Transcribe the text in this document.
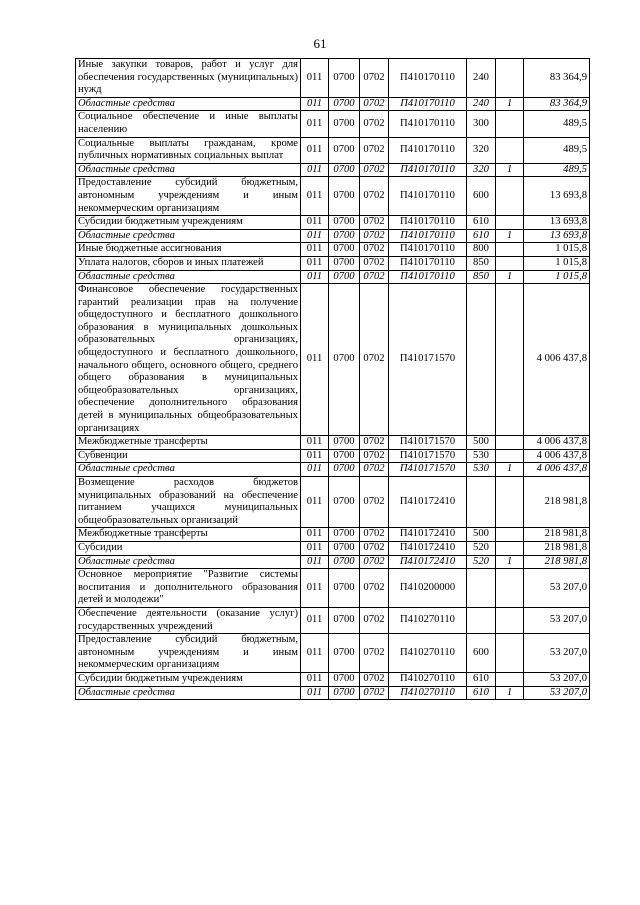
61
Иные закупки товаров, работ и услуг для обеспечения государственных (муниципальных) нужд	011	0700	0702	П410170110	240		83 364,9
Областные средства	011	0700	0702	П410170110	240	1	83 364,9
Социальное обеспечение и иные выплаты населению	011	0700	0702	П410170110	300		489,5
Социальные выплаты гражданам, кроме публичных нормативных социальных выплат	011	0700	0702	П410170110	320		489,5
Областные средства	011	0700	0702	П410170110	320	1	489,5
Предоставление субсидий бюджетным, автономным учреждениям и иным некоммерческим организациям	011	0700	0702	П410170110	600		13 693,8
Субсидии бюджетным учреждениям	011	0700	0702	П410170110	610		13 693,8
Областные средства	011	0700	0702	П410170110	610	1	13 693,8
Иные бюджетные ассигнования	011	0700	0702	П410170110	800		1 015,8
Уплата налогов, сборов и иных платежей	011	0700	0702	П410170110	850		1 015,8
Областные средства	011	0700	0702	П410170110	850	1	1 015,8
Финансовое обеспечение государственных гарантий реализации прав на получение общедоступного и бесплатного дошкольного образования в муниципальных дошкольных образовательных организациях, общедоступного и бесплатного дошкольного, начального общего, основного общего, среднего общего образования в муниципальных общеобразовательных организациях, обеспечение дополнительного образования детей в муниципальных общеобразовательных организациях	011	0700	0702	П410171570			4 006 437,8
Межбюджетные трансферты	011	0700	0702	П410171570	500		4 006 437,8
Субвенции	011	0700	0702	П410171570	530		4 006 437,8
Областные средства	011	0700	0702	П410171570	530	1	4 006 437,8
Возмещение расходов бюджетов муниципальных образований на обеспечение питанием учащихся муниципальных общеобразовательных организаций	011	0700	0702	П410172410			218 981,8
Межбюджетные трансферты	011	0700	0702	П410172410	500		218 981,8
Субсидии	011	0700	0702	П410172410	520		218 981,8
Областные средства	011	0700	0702	П410172410	520	1	218 981,8
Основное мероприятие "Развитие системы воспитания и дополнительного образования детей и молодежи"	011	0700	0702	П410200000			53 207,0
Обеспечение деятельности (оказание услуг) государственных учреждений	011	0700	0702	П410270110			53 207,0
Предоставление субсидий бюджетным, автономным учреждениям и иным некоммерческим организациям	011	0700	0702	П410270110	600		53 207,0
Субсидии бюджетным учреждениям	011	0700	0702	П410270110	610		53 207,0
Областные средства	011	0700	0702	П410270110	610	1	53 207,0
